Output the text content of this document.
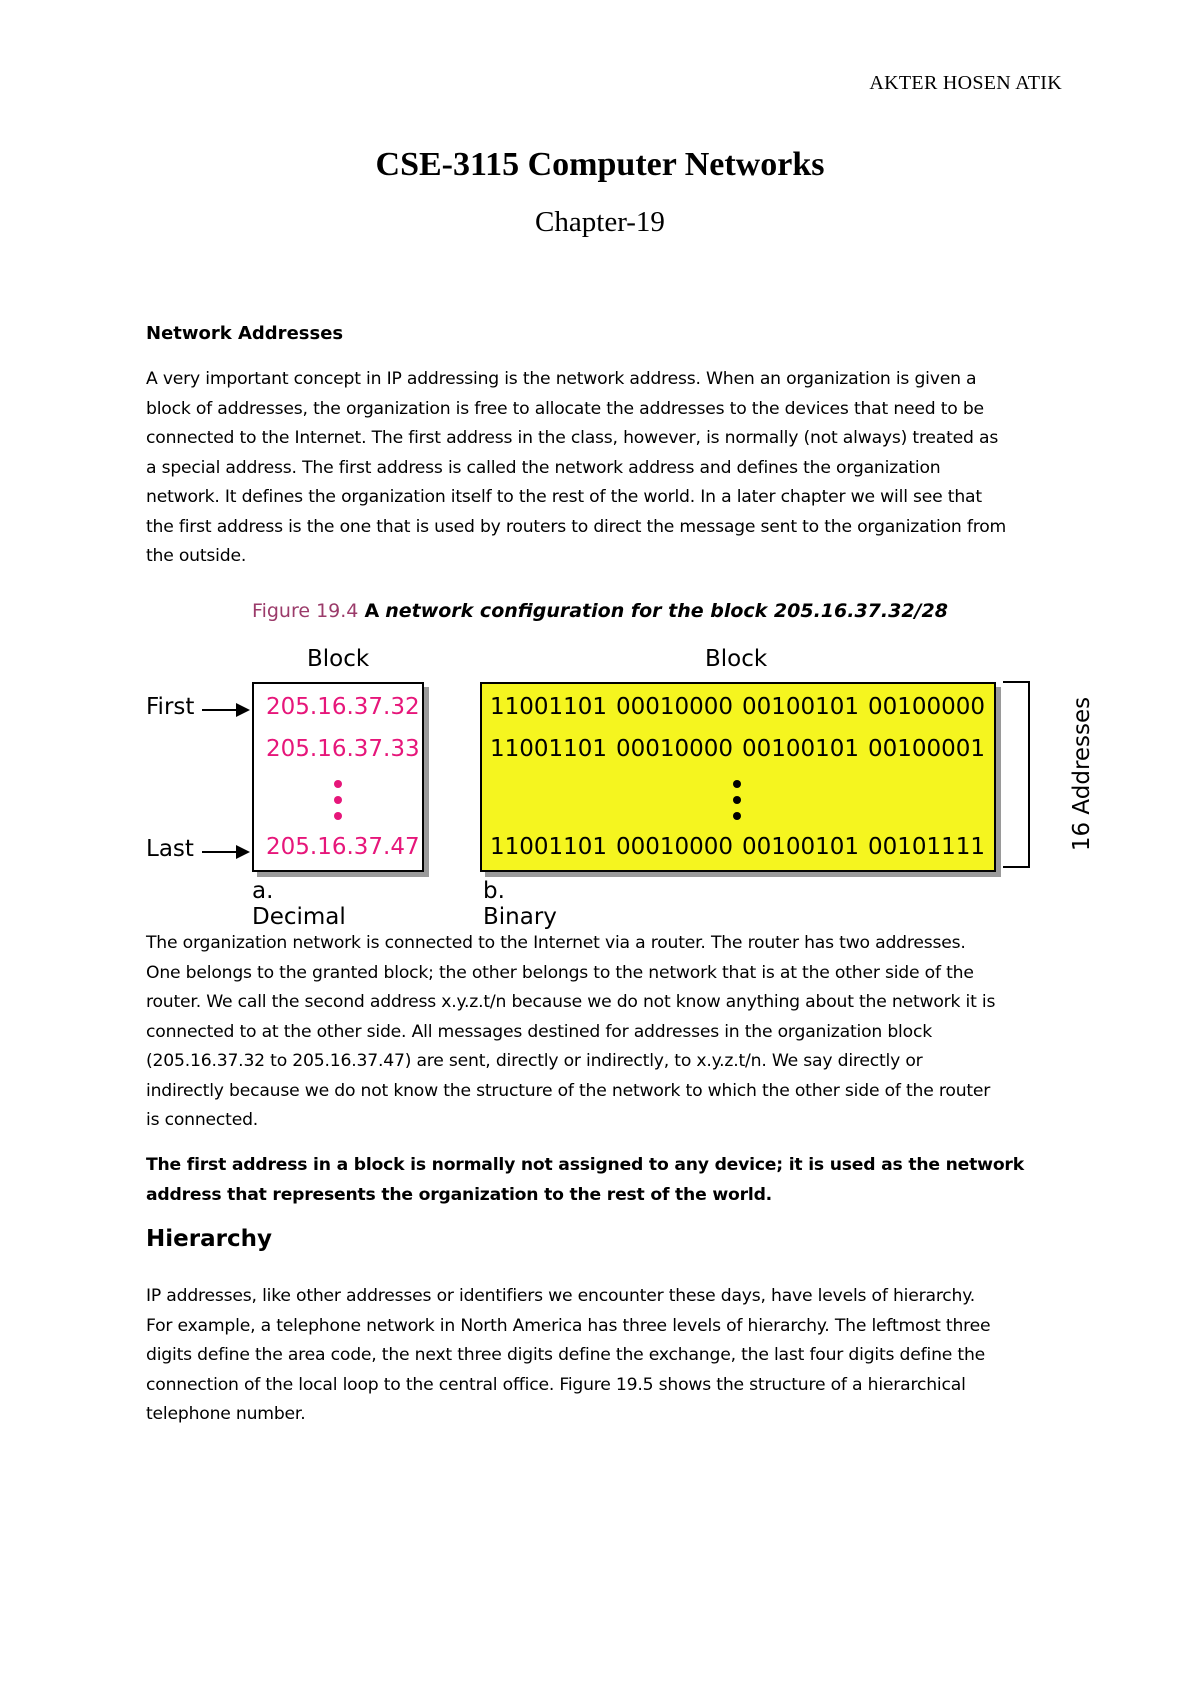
AKTER HOSEN ATIK
CSE-3115 Computer Networks
Chapter-19
Network Addresses
A very important concept in IP addressing is the network address. When an organization is given a
block of addresses, the organization is free to allocate the addresses to the devices that need to be
connected to the Internet. The first address in the class, however, is normally (not always) treated as
a special address. The first address is called the network address and defines the organization
network. It defines the organization itself to the rest of the world. In a later chapter we will see that
the first address is the one that is used by routers to direct the message sent to the organization from
the outside.
Figure 19.4 A network configuration for the block 205.16.37.32/28
Block	Block
First
Last
205.16.37.32
205.16.37.33
205.16.37.47
11001101 00010000 00100101 00100000
11001101 00010000 00100101 00100001
11001101 00010000 00100101 00101111	16 Addresses
a. Decimal
b. Binary
The organization network is connected to the Internet via a router. The router has two addresses.
One belongs to the granted block; the other belongs to the network that is at the other side of the
router. We call the second address x.y.z.t/n because we do not know anything about the network it is
connected to at the other side. All messages destined for addresses in the organization block
(205.16.37.32 to 205.16.37.47) are sent, directly or indirectly, to x.y.z.t/n. We say directly or
indirectly because we do not know the structure of the network to which the other side of the router
is connected.
The first address in a block is normally not assigned to any device; it is used as the network
address that represents the organization to the rest of the world.
Hierarchy
IP addresses, like other addresses or identifiers we encounter these days, have levels of hierarchy.
For example, a telephone network in North America has three levels of hierarchy. The leftmost three
digits define the area code, the next three digits define the exchange, the last four digits define the
connection of the local loop to the central office. Figure 19.5 shows the structure of a hierarchical
telephone number.
